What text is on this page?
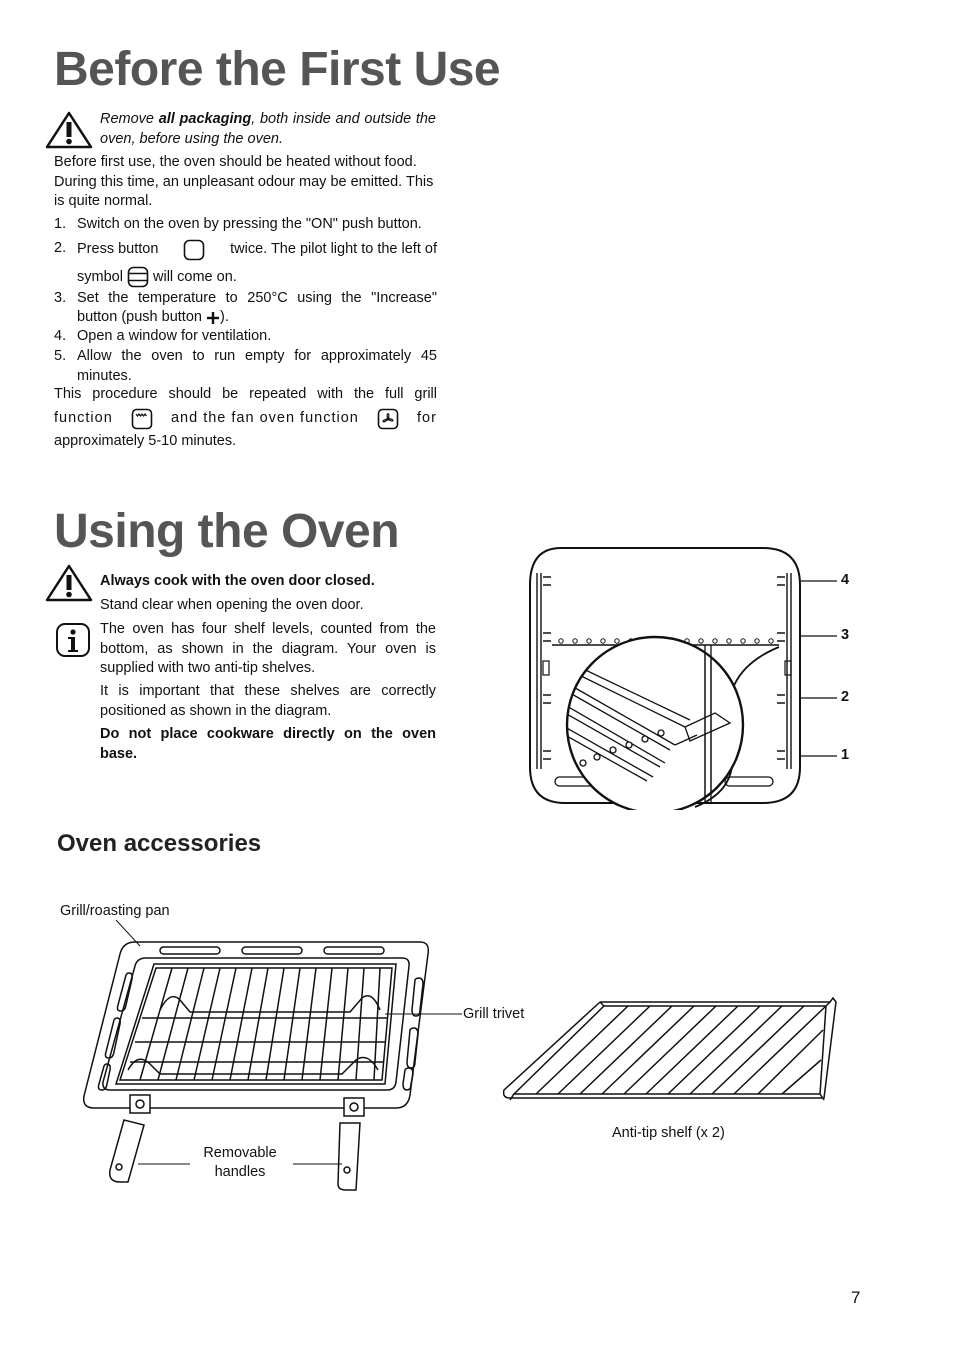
Before the First Use

Remove all packaging, both inside and outside the oven, before using the oven.

Before first use, the oven should be heated without food. During this time, an unpleasant odour may be emitted. This is quite normal.

1. Switch on the oven by pressing the "ON" push button.

2. Press button	twice. The pilot light to the left of
symbol will come on.
3. Set the temperature to 250°C using the "Increase"

button (push button ).
4. Open a window for ventilation.

5. Allow the oven to run empty for approximately 45 minutes.

This procedure should be repeated with the full grill

function	and the fan oven function	for

approximately 5-10 minutes.

Using the Oven

Always cook with the oven door closed.

Stand clear when opening the oven door.

The oven has four shelf levels, counted from the bottom, as shown in the diagram. Your oven is supplied with two anti-tip shelves.

It is important that these shelves are correctly positioned as shown in the diagram.

Do not place cookware directly on the oven base.

4
3
2
1
Oven accessories
Grill/roasting pan
Grill trivet
Removable
handles
Anti-tip shelf (x 2)
7
